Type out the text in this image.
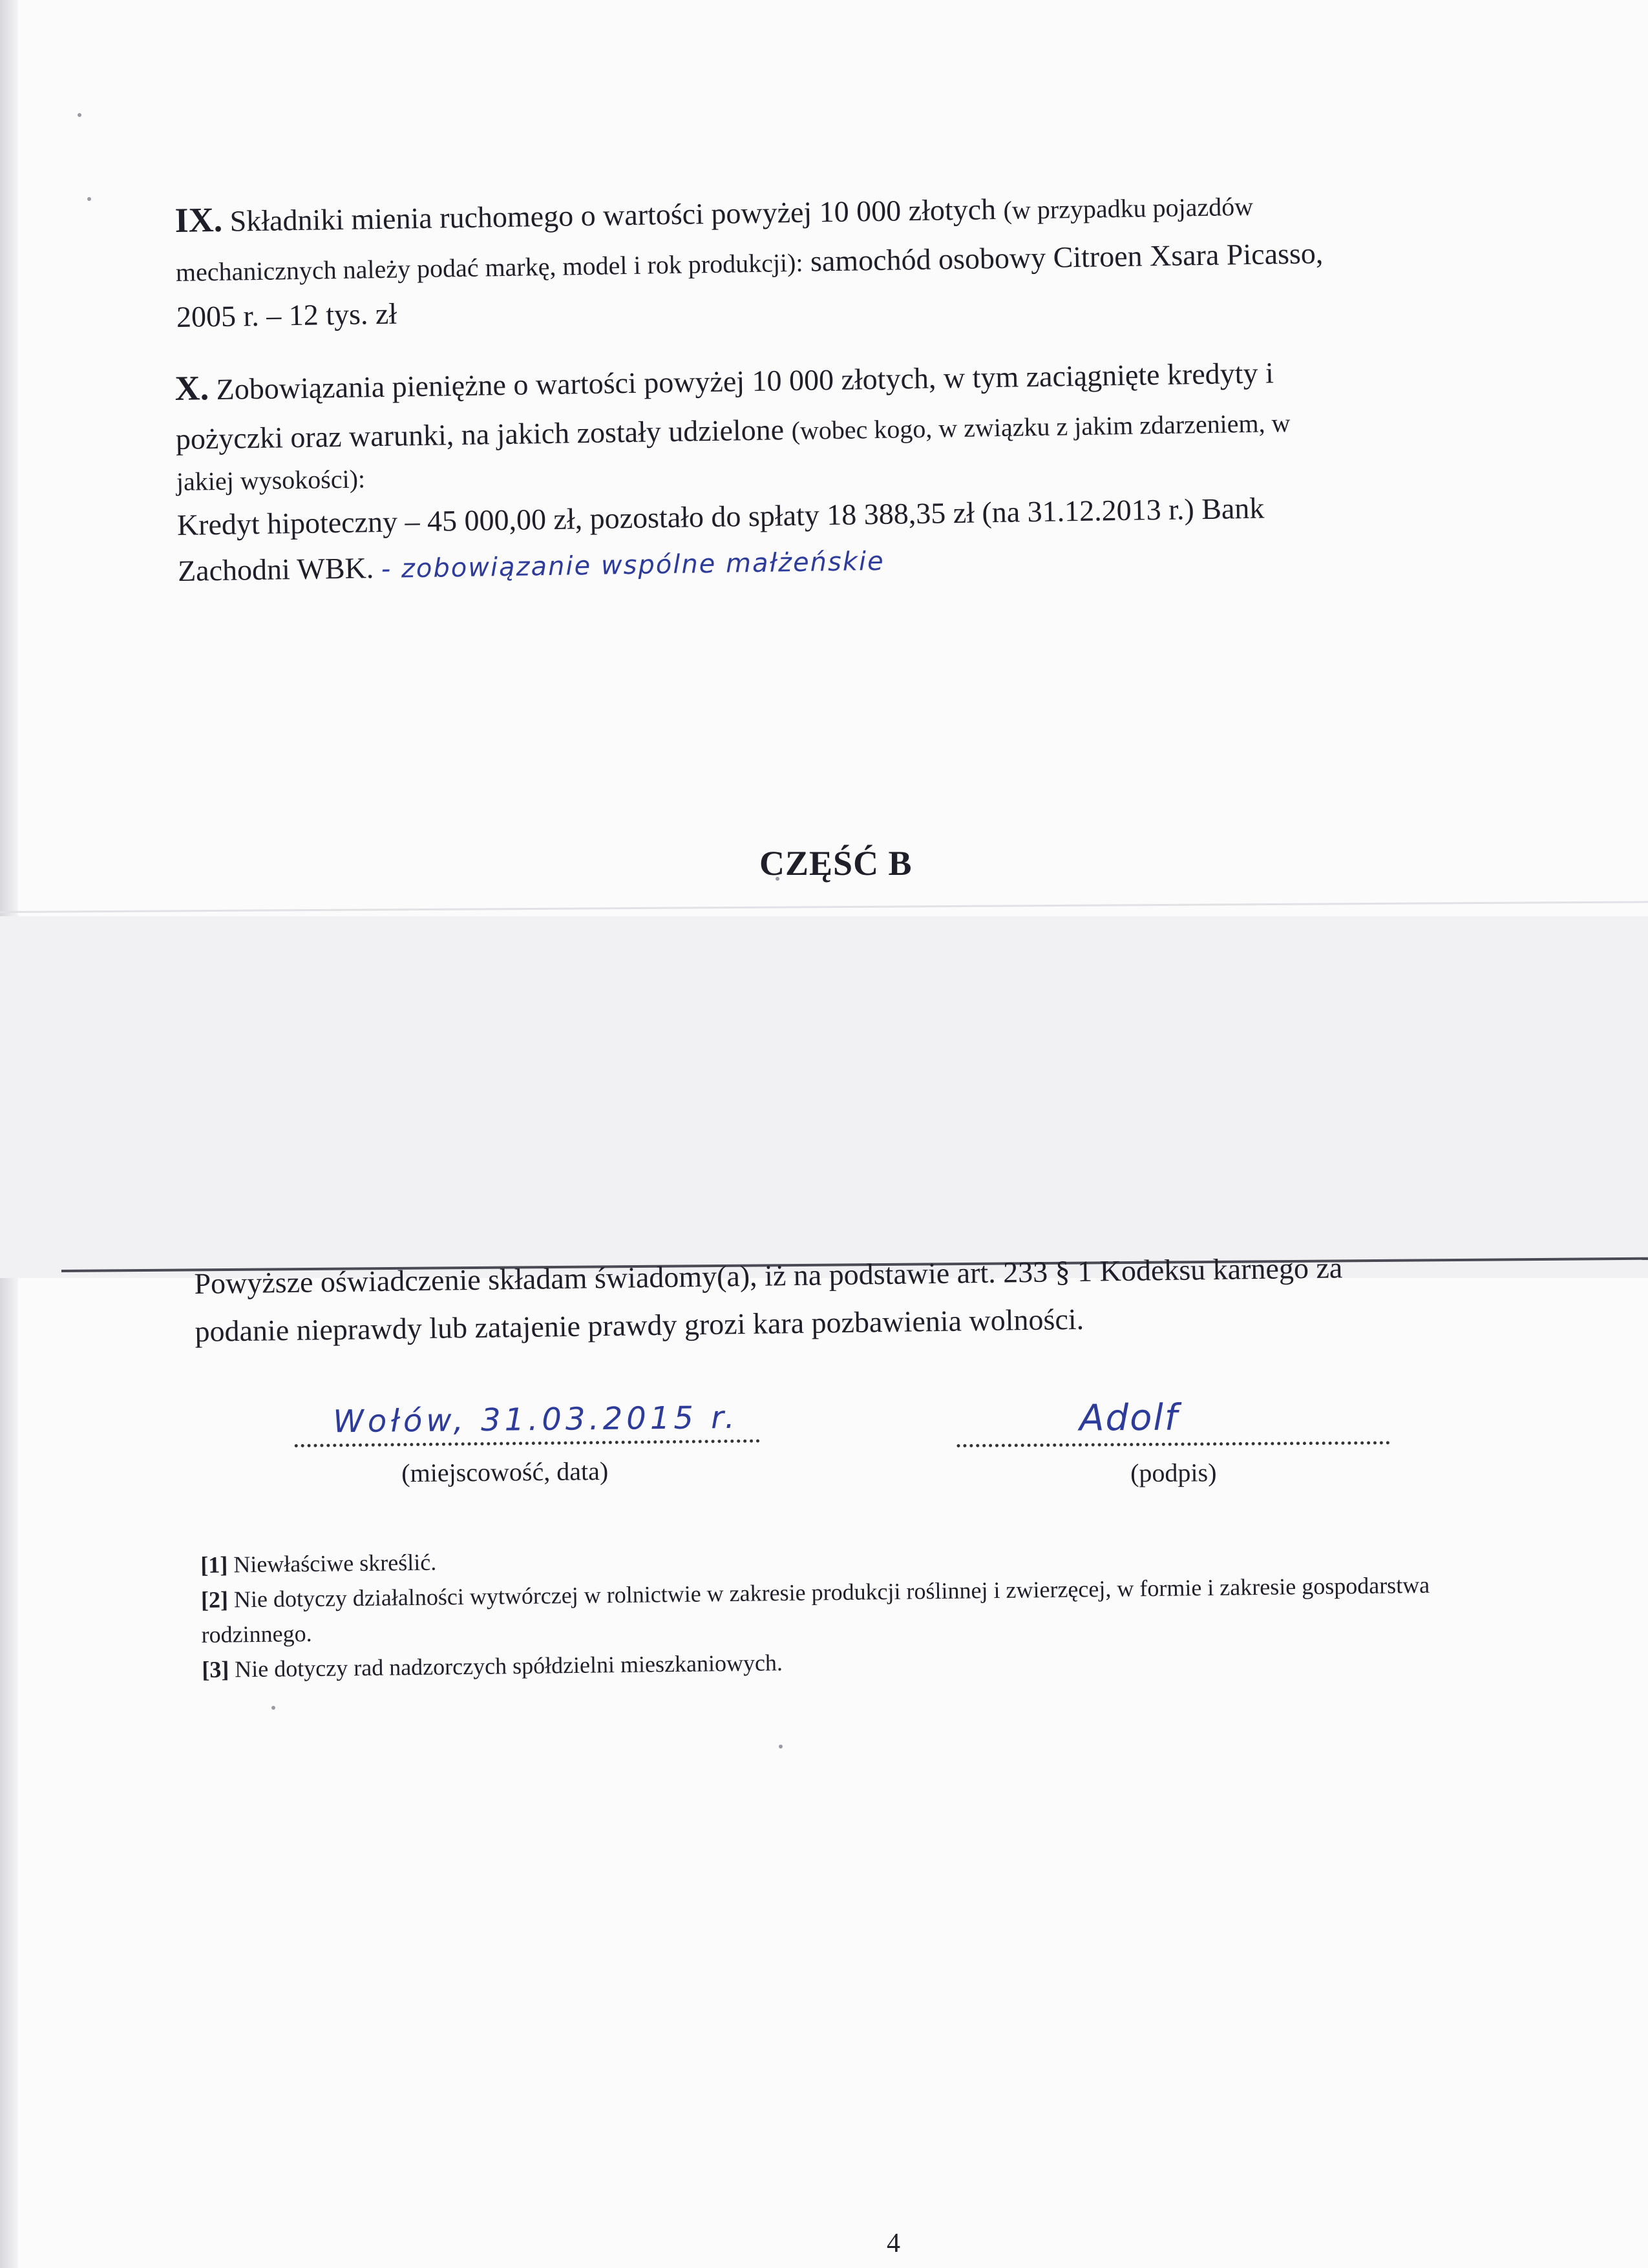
IX. Składniki mienia ruchomego o wartości powyżej 10 000 złotych (w przypadku pojazdów
mechanicznych należy podać markę, model i rok produkcji): samochód osobowy Citroen Xsara Picasso,
2005 r. – 12 tys. zł
X. Zobowiązania pieniężne o wartości powyżej 10 000 złotych, w tym zaciągnięte kredyty i
pożyczki oraz warunki, na jakich zostały udzielone (wobec kogo, w związku z jakim zdarzeniem, w
jakiej wysokości):
Kredyt hipoteczny – 45 000,00 zł, pozostało do spłaty 18 388,35 zł (na 31.12.2013 r.) Bank
Zachodni WBK. - zobowiązanie wspólne małżeńskie
CZĘŚĆ B
Powyższe oświadczenie składam świadomy(a), iż na podstawie art. 233 § 1 Kodeksu karnego za
podanie nieprawdy lub zatajenie prawdy grozi kara pozbawienia wolności.
Wołów, 31.03.2015 r.
(miejscowość, data)
Adolf
(podpis)
[1] Niewłaściwe skreślić.
[2] Nie dotyczy działalności wytwórczej w rolnictwie w zakresie produkcji roślinnej i zwierzęcej, w formie i zakresie gospodarstwa rodzinnego.
[3] Nie dotyczy rad nadzorczych spółdzielni mieszkaniowych.
4
